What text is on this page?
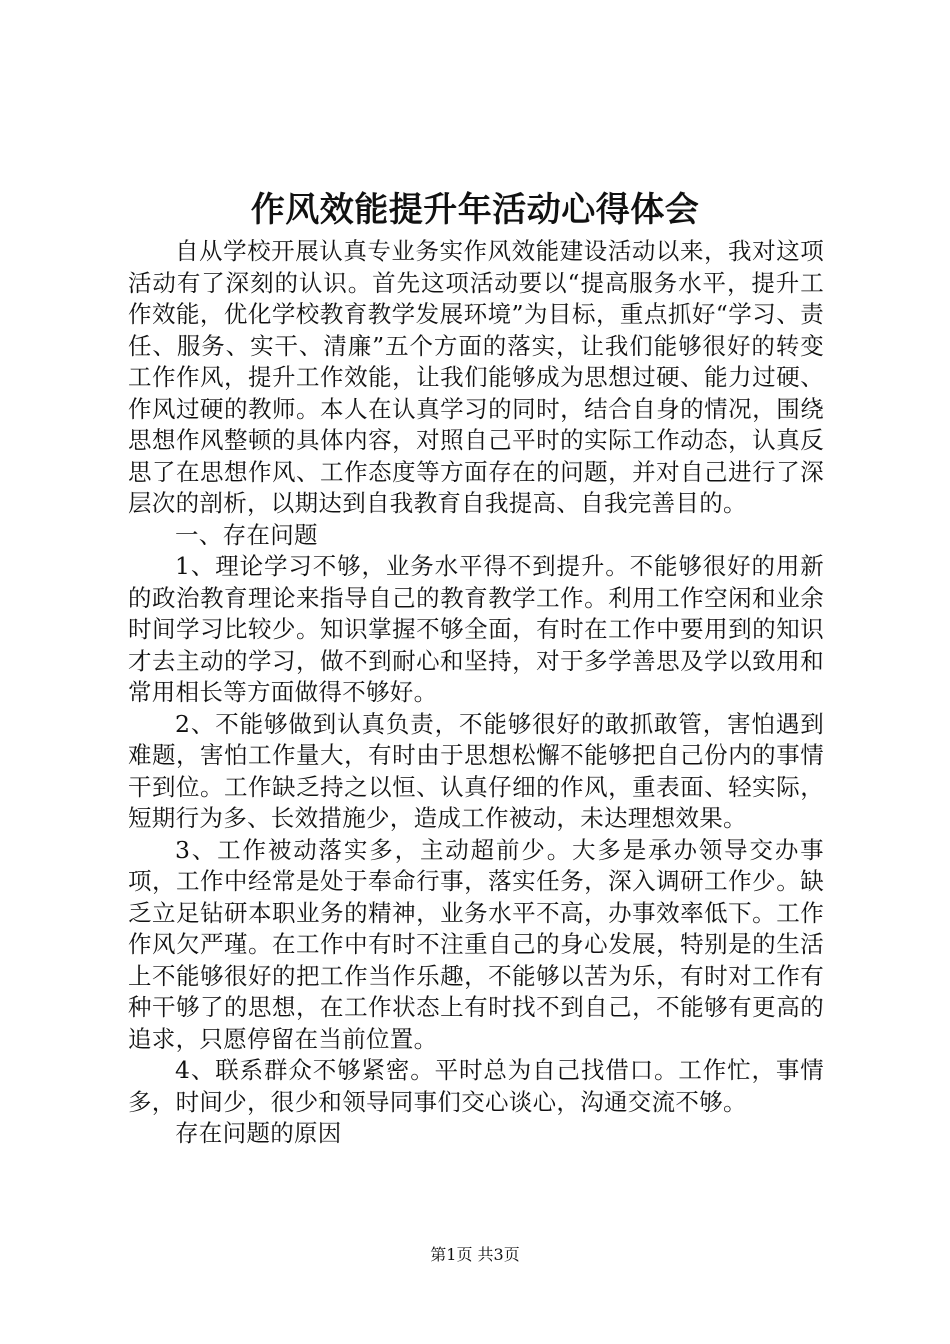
作风效能提升年活动心得体会

自从学校开展认真专业务实作风效能建设活动以来，我对这项活动有了深刻的认识。首先这项活动要以“提高服务水平，提升工作效能，优化学校教育教学发展环境”为目标，重点抓好“学习、责任、服务、实干、清廉”五个方面的落实，让我们能够很好的转变工作作风，提升工作效能，让我们能够成为思想过硬、能力过硬、作风过硬的教师。本人在认真学习的同时，结合自身的情况，围绕思想作风整顿的具体内容，对照自己平时的实际工作动态，认真反思了在思想作风、工作态度等方面存在的问题，并对自己进行了深层次的剖析，以期达到自我教育自我提高、自我完善目的。

一、存在问题

1、理论学习不够，业务水平得不到提升。不能够很好的用新的政治教育理论来指导自己的教育教学工作。利用工作空闲和业余时间学习比较少。知识掌握不够全面，有时在工作中要用到的知识才去主动的学习，做不到耐心和坚持，对于多学善思及学以致用和常用相长等方面做得不够好。

2、不能够做到认真负责，不能够很好的敢抓敢管，害怕遇到难题，害怕工作量大，有时由于思想松懈不能够把自己份内的事情干到位。工作缺乏持之以恒、认真仔细的作风，重表面、轻实际，短期行为多、长效措施少，造成工作被动，未达理想效果。

3、工作被动落实多，主动超前少。大多是承办领导交办事项，工作中经常是处于奉命行事，落实任务，深入调研工作少。缺乏立足钻研本职业务的精神，业务水平不高，办事效率低下。工作作风欠严瑾。在工作中有时不注重自己的身心发展，特别是的生活上不能够很好的把工作当作乐趣，不能够以苦为乐，有时对工作有种干够了的思想，在工作状态上有时找不到自己，不能够有更高的追求，只愿停留在当前位置。

4、联系群众不够紧密。平时总为自己找借口。工作忙，事情多，时间少，很少和领导同事们交心谈心，沟通交流不够。

存在问题的原因

第1页 共3页
